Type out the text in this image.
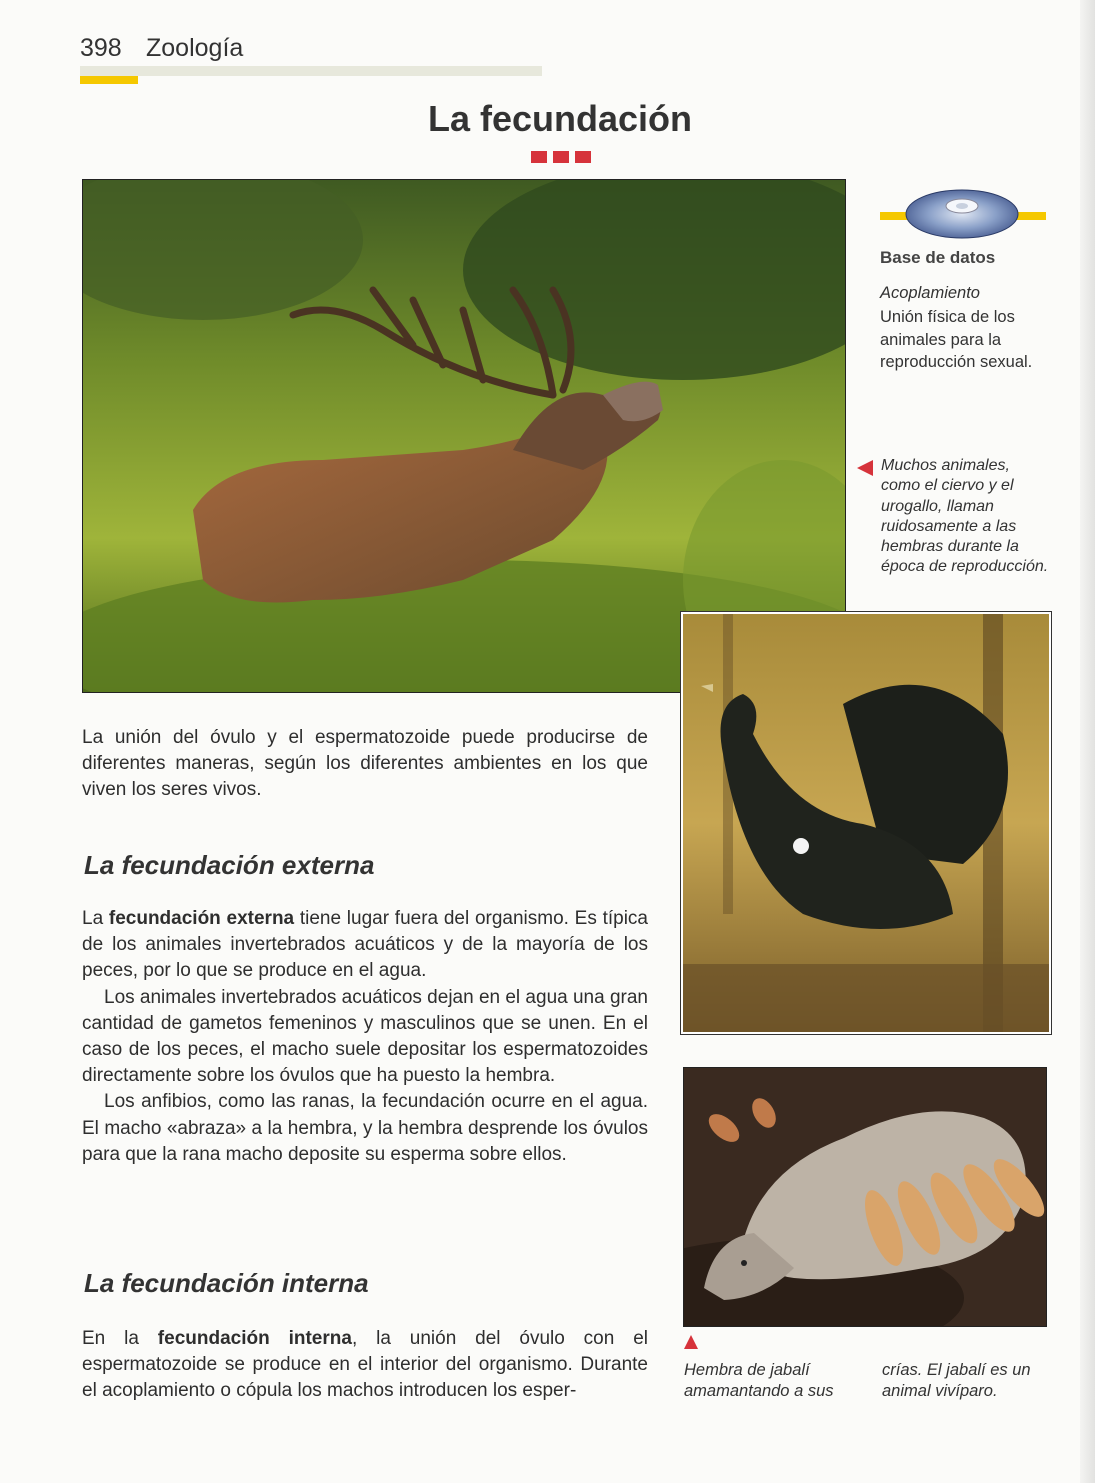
398 Zoología
La fecundación
Base de datos
Acoplamiento
Unión física de los animales para la reproducción sexual.
Muchos animales, como el ciervo y el urogallo, llaman ruidosamente a las hembras durante la época de reproducción.

La unión del óvulo y el espermatozoide puede producirse de diferentes maneras, según los diferentes ambientes en los que viven los seres vivos.

La fecundación externa

La fecundación externa tiene lugar fuera del organismo. Es típica de los animales invertebrados acuáticos y de la mayoría de los peces, por lo que se produce en el agua.

Los animales invertebrados acuáticos dejan en el agua una gran cantidad de gametos femeninos y masculinos que se unen. En el caso de los peces, el macho suele depositar los espermatozoides directamente sobre los óvulos que ha puesto la hembra.

Los anfibios, como las ranas, la fecundación ocurre en el agua. El macho «abraza» a la hembra, y la hembra desprende los óvulos para que la rana macho deposite su esperma sobre ellos.

La fecundación interna

En la fecundación interna, la unión del óvulo con el espermatozoide se produce en el interior del organismo. Durante el acoplamiento o cópula los machos introducen los esper-

Hembra de jabalí amamantando a sus
crías. El jabalí es un animal vivíparo.
